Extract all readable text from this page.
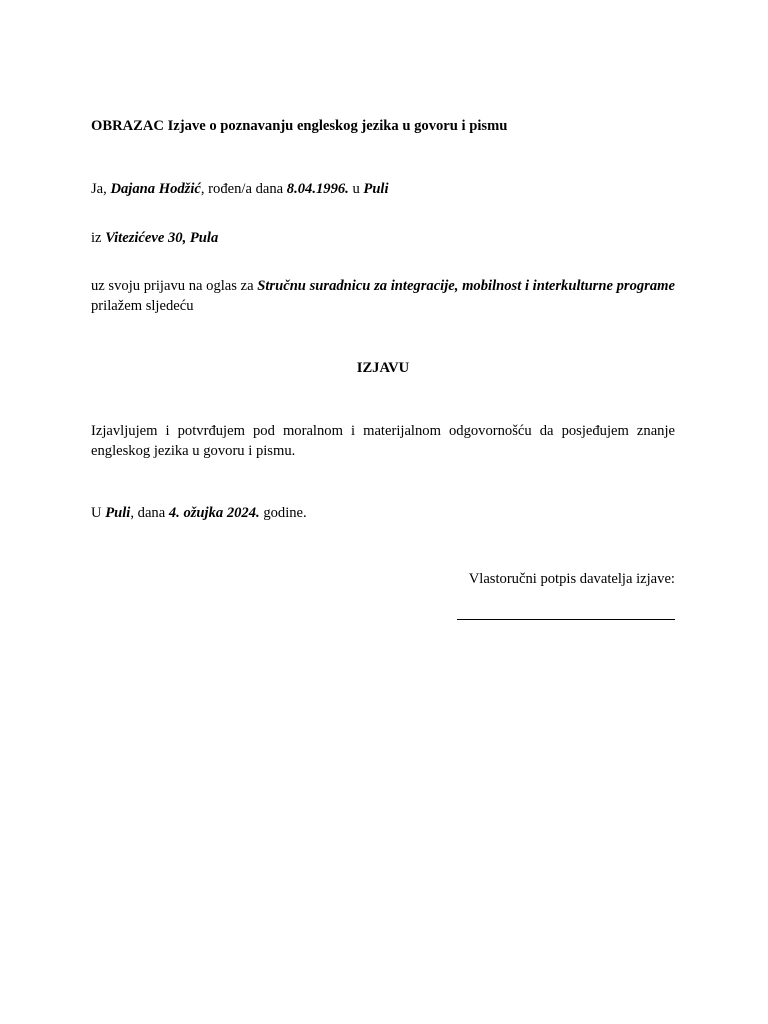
OBRAZAC Izjave o poznavanju engleskog jezika u govoru i pismu
Ja, Dajana Hodžić, rođen/a dana 8.04.1996. u Puli
iz Vitezićeve 30, Pula
uz svoju prijavu na oglas za Stručnu suradnicu za integracije, mobilnost i interkulturne programe prilažem sljedeću
IZJAVU
Izjavljujem i potvrđujem pod moralnom i materijalnom odgovornošću da posjeđujem znanje engleskog jezika u govoru i pismu.
U Puli, dana 4. ožujka 2024. godine.
Vlastoručni potpis davatelja izjave:
